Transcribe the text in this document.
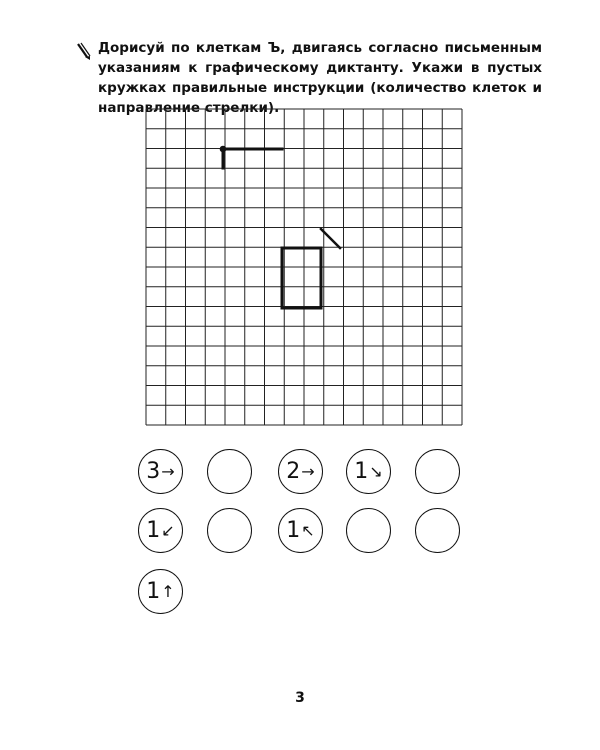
Дорисуй по клеткам Ъ, двигаясь согласно письменным указаниям к графическому диктанту. Укажи в пустых кружках правильные инструкции (количество клеток и направление стрелки).

3 →	2 → 1 ↘
1 ↙	1 ↖
1 ↑
3
